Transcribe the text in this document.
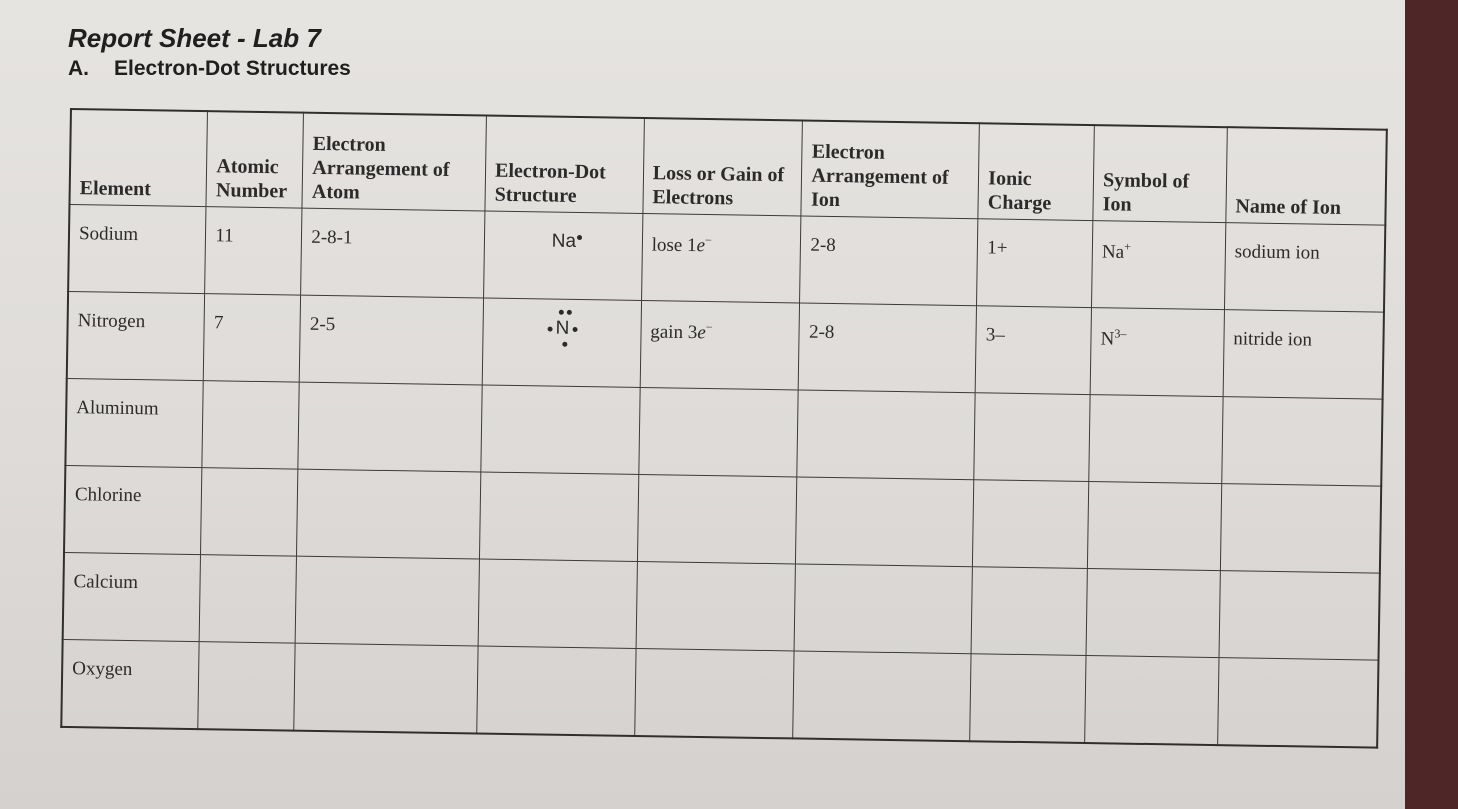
Report Sheet - Lab 7

A. Electron-Dot Structures

Element	Atomic Number	Electron Arrangement of Atom	Electron-Dot Structure	Loss or Gain of Electrons	Electron Arrangement of Ion	Ionic Charge	Symbol of Ion	Name of Ion
Sodium	11	2-8-1	Na	lose 1e−	2-8	1+	Na+	sodium ion
Nitrogen	7	2-5	N	gain 3e−	2-8	3–	$N^{3-}$	nitride ion
Aluminum								
Chlorine								
Calcium								
Oxygen								
